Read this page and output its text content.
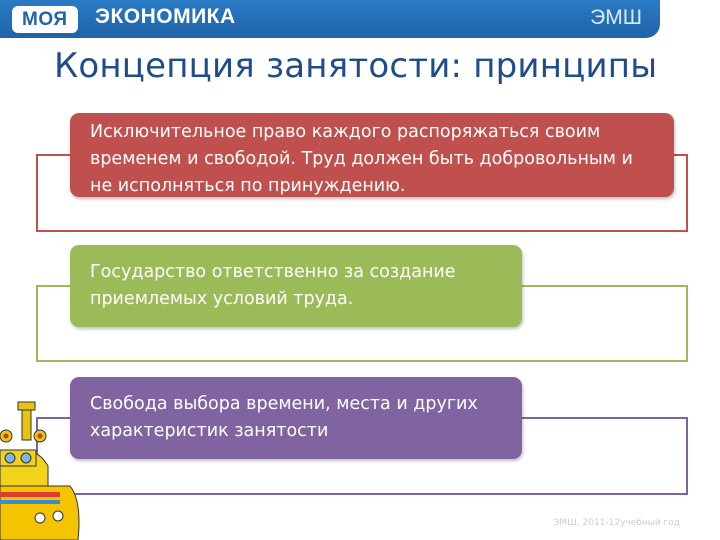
МОЯ	ЭКОНОМИКА	ЭМШ
Концепция занятости: принципы
Исключительное право каждого распоряжаться своим временем и свободой. Труд должен быть добровольным и не исполняться по принуждению.
Государство ответственно за создание приемлемых условий труда.
Свобода выбора времени, места и других характеристик занятости
ЭМШ, 2011-12учебный год
